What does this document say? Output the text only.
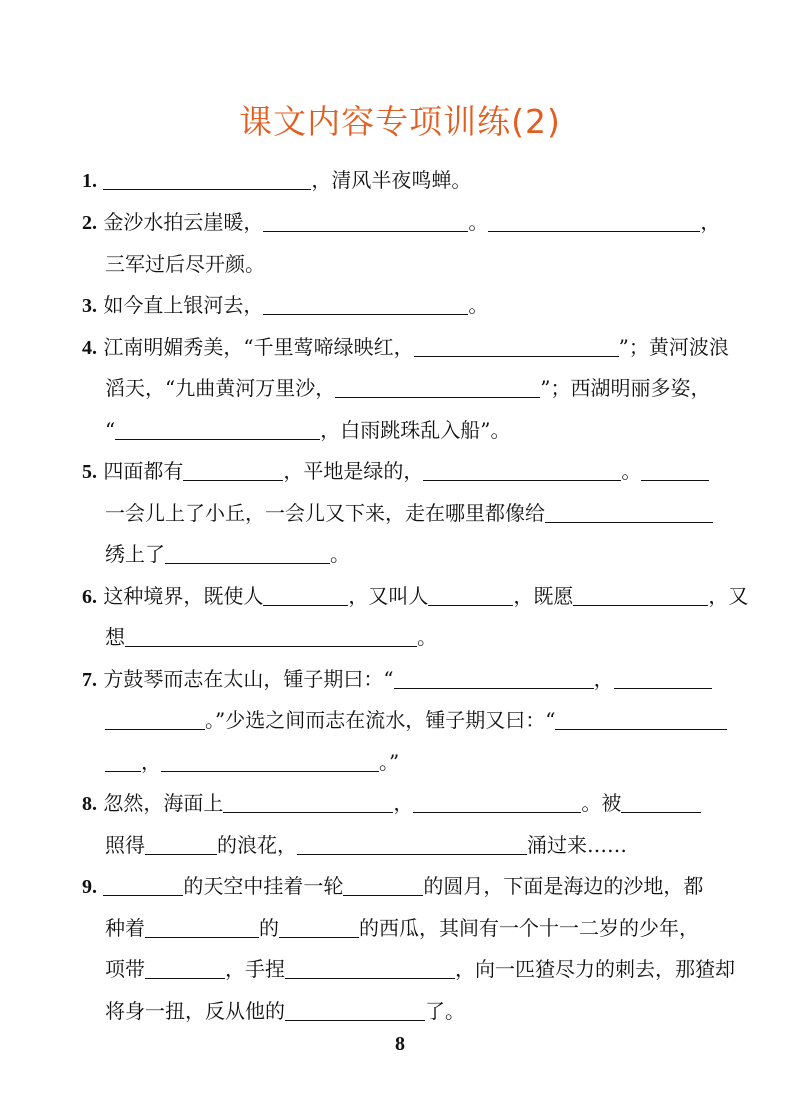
课文内容专项训练(2)
1.	，清风半夜鸣蝉。
2. 金沙水拍云崖暖，	。	，
三军过后尽开颜。
3. 如今直上银河去，	。
4. 江南明媚秀美，“千里莺啼绿映红，	”；黄河波浪
滔天，“九曲黄河万里沙，	”；西湖明丽多姿，
“	，白雨跳珠乱入船”。
5. 四面都有	，平地是绿的，	。
一会儿上了小丘，一会儿又下来，走在哪里都像给
绣上了	。
6. 这种境界，既使人	，又叫人	，既愿	，又
想	。
7. 方鼓琴而志在太山，锺子期曰：“	，
。”少选之间而志在流水，锺子期又曰：“
，	。”
8. 忽然，海面上	，	。被
照得	的浪花，	涌过来……
9.	的天空中挂着一轮	的圆月，下面是海边的沙地，都
种着	的	的西瓜，其间有一个十一二岁的少年，
项带	，手捏	，向一匹猹尽力的刺去，那猹却
将身一扭，反从他的	了。
8
